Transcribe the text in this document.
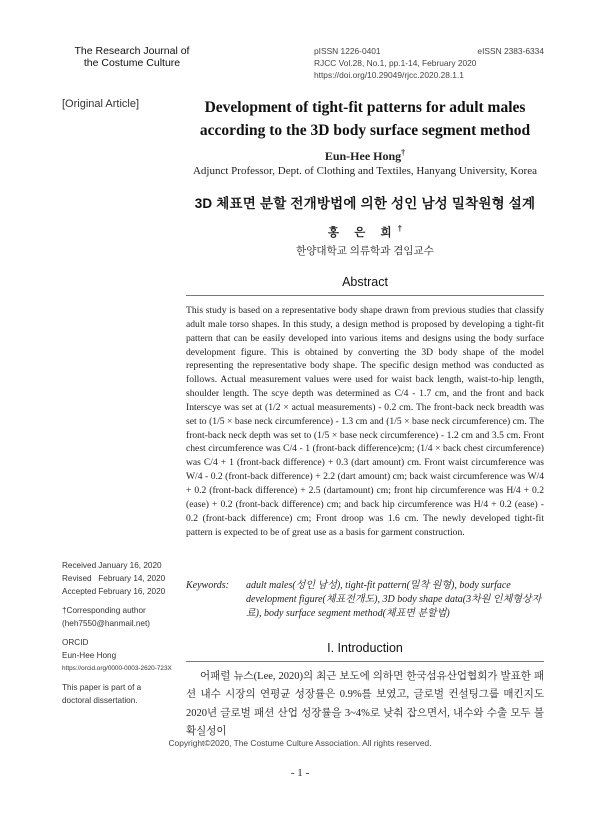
The Research Journal of
the Costume Culture
pISSN 1226-0401	eISSN 2383-6334
RJCC Vol.28, No.1, pp.1-14, February 2020
https://doi.org/10.29049/rjcc.2020.28.1.1
[Original Article]	Development of tight-fit patterns for adult males according to the 3D body surface segment method
Eun-Hee Hong†
Adjunct Professor, Dept. of Clothing and Textiles, Hanyang University, Korea
3D 체표면 분할 전개방법에 의한 성인 남성 밀착원형 설계
홍 은 희†
한양대학교 의류학과 겸임교수
Abstract
This study is based on a representative body shape drawn from previous studies that classify adult male torso shapes. In this study, a design method is proposed by developing a tight-fit pattern that can be easily developed into various items and designs using the body surface development figure. This is obtained by converting the 3D body shape of the model representing the representative body shape. The specific design method was conducted as follows. Actual measurement values were used for waist back length, waist-to-hip length, shoulder length. The scye depth was determined as C/4 - 1.7 cm, and the front and back Interscye was set at (1/2 × actual measurements) - 0.2 cm. The front-back neck breadth was set to (1/5 × base neck circumference) - 1.3 cm and (1/5 × base neck circumference) cm. The front-back neck depth was set to (1/5 × base neck circumference) - 1.2 cm and 3.5 cm. Front chest circumference was C/4 - 1 (front-back difference)cm; (1/4 × back chest circumference) was C/4 + 1 (front-back difference) + 0.3 (dart amount) cm. Front waist circumference was W/4 - 0.2 (front-back difference) + 2.2 (dart amount) cm; back waist circumference was W/4 + 0.2 (front-back difference) + 2.5 (dartamount) cm; front hip circumference was H/4 + 0.2 (ease) + 0.2 (front-back difference) cm; and back hip circumference was H/4 + 0.2 (ease) - 0.2 (front-back difference) cm; Front droop was 1.6 cm. The newly developed tight-fit pattern is expected to be of great use as a basis for garment construction.
Keywords:	adult males(성인 남성), tight-fit pattern(밀착 원형), body surface development figure(체표전개도), 3D body shape data(3차원 인체형상자료), body surface segment method(체표면 분할법)
I. Introduction
어패럴 뉴스(Lee, 2020)의 최근 보도에 의하면 한국섬유산업협회가 발표한 패션 내수 시장의 연평균 성장률은 0.9%를 보였고, 글로벌 컨설팅그룹 매킨지도 2020년 글로벌 패션 산업 성장률을 3~4%로 낮춰 잡으면서, 내수와 수출 모두 불확실성이
Received
January 16, 2020
Revised
February 14, 2020
Accepted
February 16, 2020
†Corresponding author
(heh7550@hanmail.net)
ORCID
Eun-Hee Hong
https://orcid.org/0000-0003-2620-723X
This paper is part of a doctoral dissertation.
Copyright©2020, The Costume Culture Association. All rights reserved.
- 1 -
